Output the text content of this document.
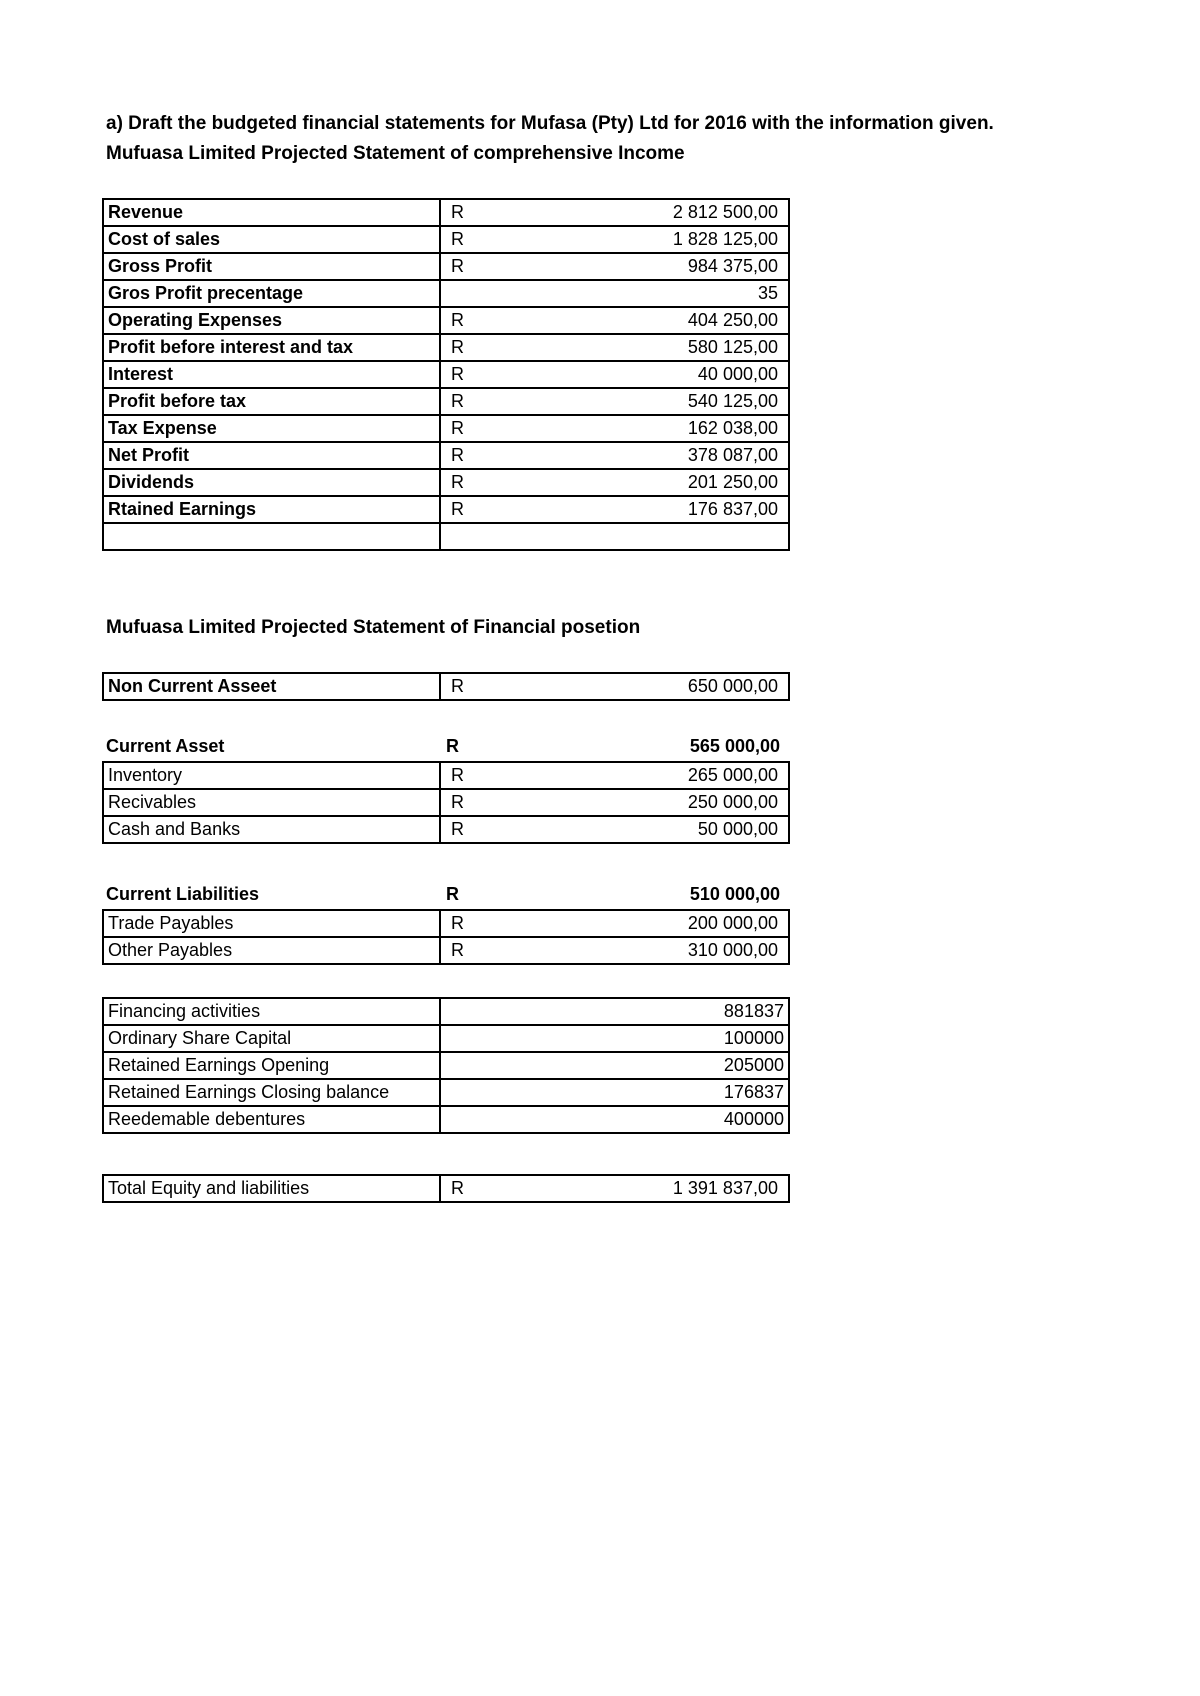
a) Draft the budgeted financial statements for Mufasa (Pty) Ltd for 2016 with the information given.
Mufuasa Limited Projected Statement of comprehensive Income
Revenue	R	2 812 500,00
Cost of sales	R	1 828 125,00
Gross Profit	R	984 375,00
Gros Profit precentage		35
Operating Expenses	R	404 250,00
Profit before interest and tax	R	580 125,00
Interest	R	40 000,00
Profit before tax	R	540 125,00
Tax Expense	R	162 038,00
Net Profit	R	378 087,00
Dividends	R	201 250,00
Rtained Earnings	R	176 837,00

Mufuasa Limited Projected Statement of Financial posetion
Non Current Asseet	R	650 000,00
Current Asset	R	565 000,00
Inventory	R	265 000,00
Recivables	R	250 000,00
Cash and Banks	R	50 000,00
Current Liabilities	R	510 000,00
Trade Payables	R	200 000,00
Other Payables	R	310 000,00
Financing activities	881837
Ordinary Share Capital	100000
Retained Earnings Opening	205000
Retained Earnings Closing balance	176837
Reedemable debentures	400000
Total Equity and liabilities	R	1 391 837,00
